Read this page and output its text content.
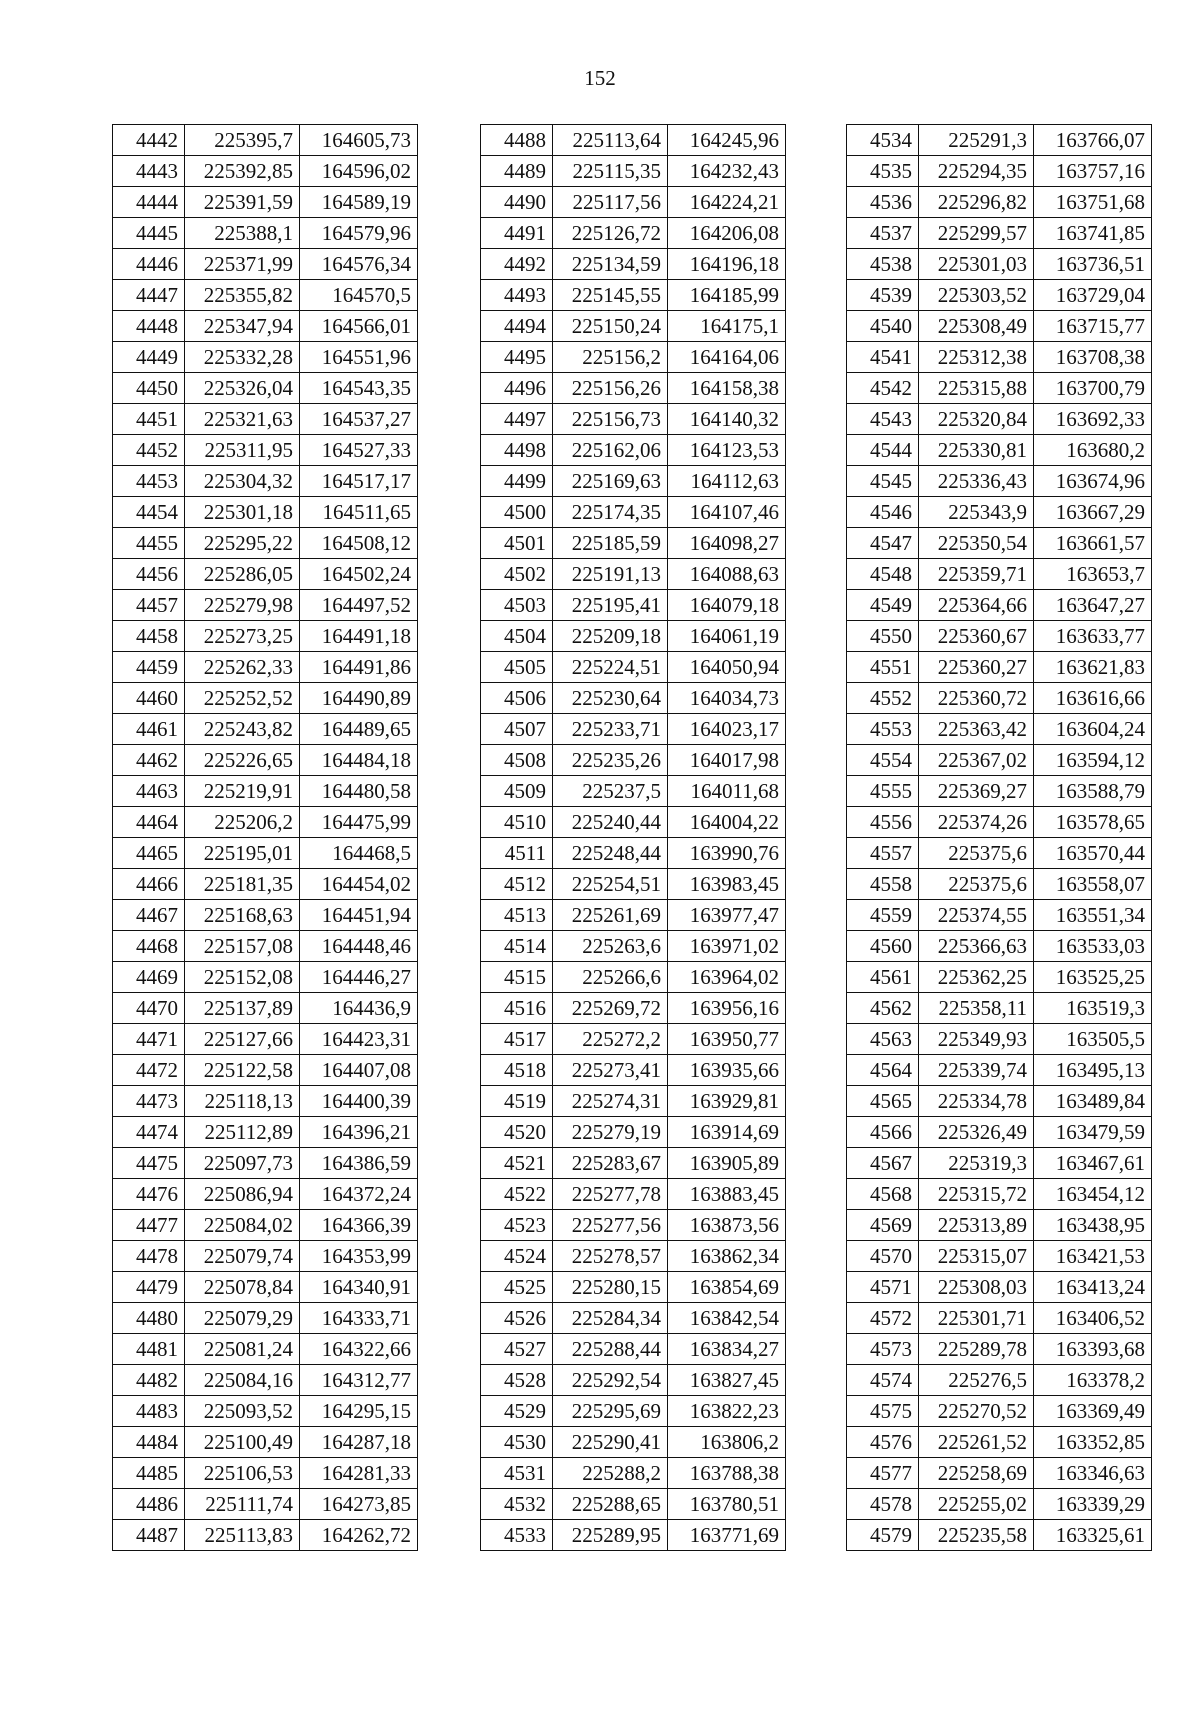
152
4442	225395,7	164605,73
4443	225392,85	164596,02
4444	225391,59	164589,19
4445	225388,1	164579,96
4446	225371,99	164576,34
4447	225355,82	164570,5
4448	225347,94	164566,01
4449	225332,28	164551,96
4450	225326,04	164543,35
4451	225321,63	164537,27
4452	225311,95	164527,33
4453	225304,32	164517,17
4454	225301,18	164511,65
4455	225295,22	164508,12
4456	225286,05	164502,24
4457	225279,98	164497,52
4458	225273,25	164491,18
4459	225262,33	164491,86
4460	225252,52	164490,89
4461	225243,82	164489,65
4462	225226,65	164484,18
4463	225219,91	164480,58
4464	225206,2	164475,99
4465	225195,01	164468,5
4466	225181,35	164454,02
4467	225168,63	164451,94
4468	225157,08	164448,46
4469	225152,08	164446,27
4470	225137,89	164436,9
4471	225127,66	164423,31
4472	225122,58	164407,08
4473	225118,13	164400,39
4474	225112,89	164396,21
4475	225097,73	164386,59
4476	225086,94	164372,24
4477	225084,02	164366,39
4478	225079,74	164353,99
4479	225078,84	164340,91
4480	225079,29	164333,71
4481	225081,24	164322,66
4482	225084,16	164312,77
4483	225093,52	164295,15
4484	225100,49	164287,18
4485	225106,53	164281,33
4486	225111,74	164273,85
4487	225113,83	164262,72
4488	225113,64	164245,96
4489	225115,35	164232,43
4490	225117,56	164224,21
4491	225126,72	164206,08
4492	225134,59	164196,18
4493	225145,55	164185,99
4494	225150,24	164175,1
4495	225156,2	164164,06
4496	225156,26	164158,38
4497	225156,73	164140,32
4498	225162,06	164123,53
4499	225169,63	164112,63
4500	225174,35	164107,46
4501	225185,59	164098,27
4502	225191,13	164088,63
4503	225195,41	164079,18
4504	225209,18	164061,19
4505	225224,51	164050,94
4506	225230,64	164034,73
4507	225233,71	164023,17
4508	225235,26	164017,98
4509	225237,5	164011,68
4510	225240,44	164004,22
4511	225248,44	163990,76
4512	225254,51	163983,45
4513	225261,69	163977,47
4514	225263,6	163971,02
4515	225266,6	163964,02
4516	225269,72	163956,16
4517	225272,2	163950,77
4518	225273,41	163935,66
4519	225274,31	163929,81
4520	225279,19	163914,69
4521	225283,67	163905,89
4522	225277,78	163883,45
4523	225277,56	163873,56
4524	225278,57	163862,34
4525	225280,15	163854,69
4526	225284,34	163842,54
4527	225288,44	163834,27
4528	225292,54	163827,45
4529	225295,69	163822,23
4530	225290,41	163806,2
4531	225288,2	163788,38
4532	225288,65	163780,51
4533	225289,95	163771,69
4534	225291,3	163766,07
4535	225294,35	163757,16
4536	225296,82	163751,68
4537	225299,57	163741,85
4538	225301,03	163736,51
4539	225303,52	163729,04
4540	225308,49	163715,77
4541	225312,38	163708,38
4542	225315,88	163700,79
4543	225320,84	163692,33
4544	225330,81	163680,2
4545	225336,43	163674,96
4546	225343,9	163667,29
4547	225350,54	163661,57
4548	225359,71	163653,7
4549	225364,66	163647,27
4550	225360,67	163633,77
4551	225360,27	163621,83
4552	225360,72	163616,66
4553	225363,42	163604,24
4554	225367,02	163594,12
4555	225369,27	163588,79
4556	225374,26	163578,65
4557	225375,6	163570,44
4558	225375,6	163558,07
4559	225374,55	163551,34
4560	225366,63	163533,03
4561	225362,25	163525,25
4562	225358,11	163519,3
4563	225349,93	163505,5
4564	225339,74	163495,13
4565	225334,78	163489,84
4566	225326,49	163479,59
4567	225319,3	163467,61
4568	225315,72	163454,12
4569	225313,89	163438,95
4570	225315,07	163421,53
4571	225308,03	163413,24
4572	225301,71	163406,52
4573	225289,78	163393,68
4574	225276,5	163378,2
4575	225270,52	163369,49
4576	225261,52	163352,85
4577	225258,69	163346,63
4578	225255,02	163339,29
4579	225235,58	163325,61
